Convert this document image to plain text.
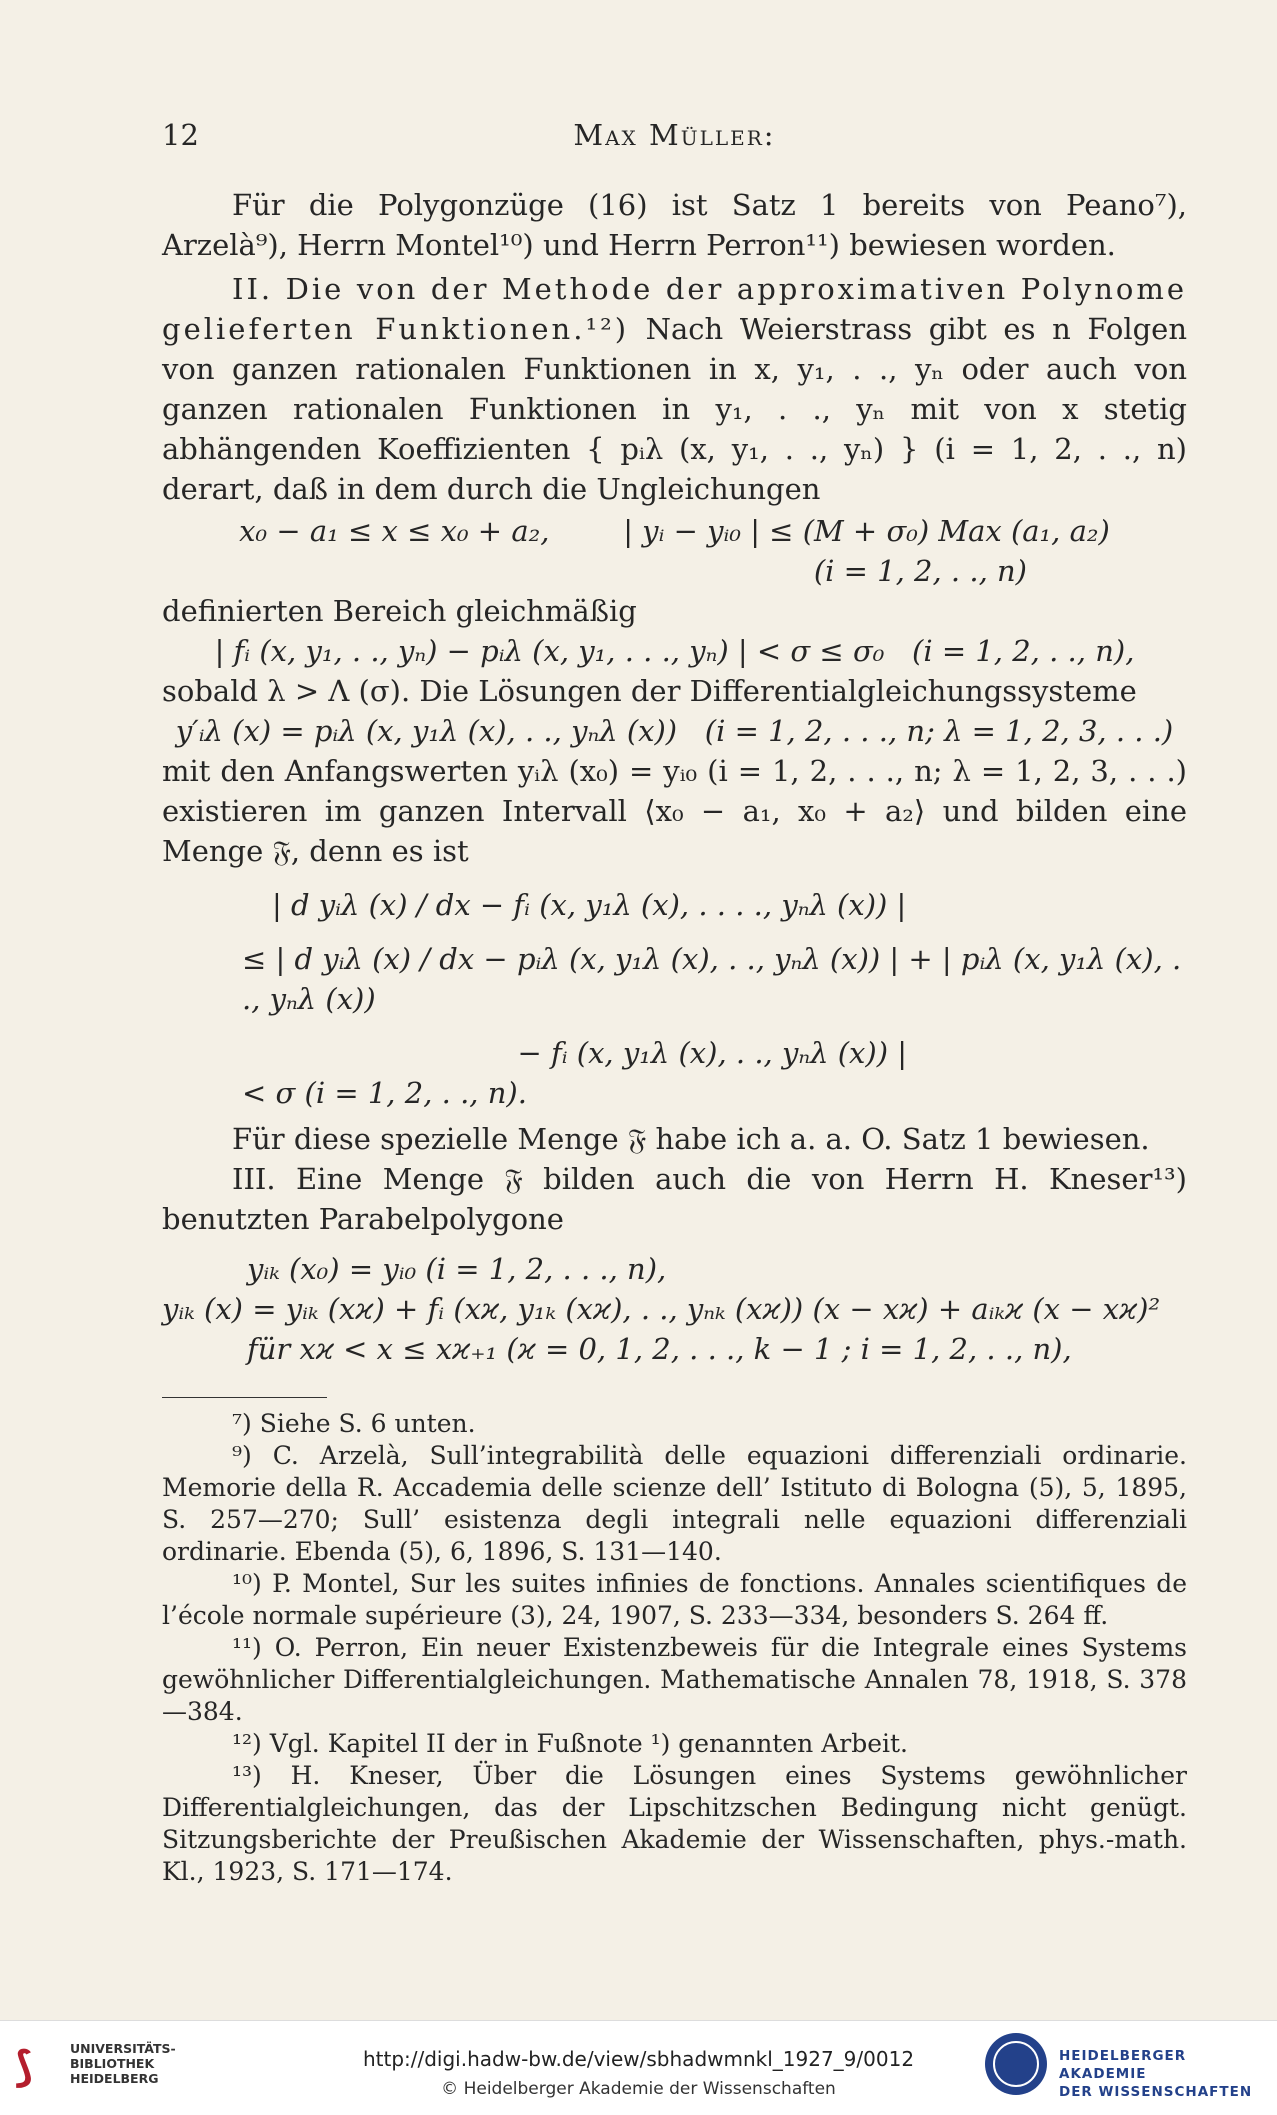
12	Max Müller:

Für die Polygonzüge (16) ist Satz 1 bereits von Peano⁷), Arzelà⁹), Herrn Montel¹⁰) und Herrn Perron¹¹) bewiesen worden.

II. Die von der Methode der approximativen Polynome gelieferten Funktionen.¹²) Nach Weierstrass gibt es n Folgen von ganzen rationalen Funktionen in x, y₁, . ., yₙ oder auch von ganzen rationalen Funktionen in y₁, . ., yₙ mit von x stetig abhängenden Koeffizienten { pᵢλ (x, y₁, . ., yₙ) } (i = 1, 2, . ., n) derart, daß in dem durch die Ungleichungen

x₀ − a₁ ≤ x ≤ x₀ + a₂,        | yᵢ − yᵢ₀ | ≤ (M + σ₀) Max (a₁, a₂)

(i = 1, 2, . ., n)

definierten Bereich gleichmäßig

| fᵢ (x, y₁, . ., yₙ) − pᵢλ (x, y₁, . . ., yₙ) | < σ ≤ σ₀   (i = 1, 2, . ., n),

sobald λ > Λ (σ). Die Lösungen der Differentialgleichungssysteme

y′ᵢλ (x) = pᵢλ (x, y₁λ (x), . ., yₙλ (x))   (i = 1, 2, . . ., n; λ = 1, 2, 3, . . .)

mit den Anfangswerten yᵢλ (x₀) = yᵢ₀ (i = 1, 2, . . ., n; λ = 1, 2, 3, . . .) existieren im ganzen Intervall ⟨x₀ − a₁, x₀ + a₂⟩ und bilden eine Menge 𝔉, denn es ist

| d yᵢλ (x) / dx − fᵢ (x, y₁λ (x), . . . ., yₙλ (x)) |

≤ | d yᵢλ (x) / dx − pᵢλ (x, y₁λ (x), . ., yₙλ (x)) | + | pᵢλ (x, y₁λ (x), . ., yₙλ (x))

− fᵢ (x, y₁λ (x), . ., yₙλ (x)) |

< σ (i = 1, 2, . ., n).

Für diese spezielle Menge 𝔉 habe ich a. a. O. Satz 1 bewiesen.

III. Eine Menge 𝔉 bilden auch die von Herrn H. Kneser¹³) benutzten Parabelpolygone

yᵢₖ (x₀) = yᵢ₀ (i = 1, 2, . . ., n),

yᵢₖ (x) = yᵢₖ (xϰ) + fᵢ (xϰ, y₁ₖ (xϰ), . ., yₙₖ (xϰ)) (x − xϰ) + aᵢₖϰ (x − xϰ)²

für xϰ < x ≤ xϰ₊₁ (ϰ = 0, 1, 2, . . ., k − 1 ; i = 1, 2, . ., n),

⁷) Siehe S. 6 unten.

⁹) C. Arzelà, Sull’integrabilità delle equazioni differenziali ordinarie. Memorie della R. Accademia delle scienze dell’ Istituto di Bologna (5), 5, 1895, S. 257—270; Sull’ esistenza degli integrali nelle equazioni differenziali ordinarie. Ebenda (5), 6, 1896, S. 131—140.

¹⁰) P. Montel, Sur les suites infinies de fonctions. Annales scientifiques de l’école normale supérieure (3), 24, 1907, S. 233—334, besonders S. 264 ff.

¹¹) O. Perron, Ein neuer Existenzbeweis für die Integrale eines Systems gewöhnlicher Differentialgleichungen. Mathematische Annalen 78, 1918, S. 378—384.

¹²) Vgl. Kapitel II der in Fußnote ¹) genannten Arbeit.

¹³) H. Kneser, Über die Lösungen eines Systems gewöhnlicher Differentialgleichungen, das der Lipschitzschen Bedingung nicht genügt. Sitzungsberichte der Preußischen Akademie der Wissenschaften, phys.-math. Kl., 1923, S. 171—174.

⟆	UNIVERSITÄTS-
BIBLIOTHEK
HEIDELBERG
http://digi.hadw-bw.de/view/sbhadwmnkl_1927_9/0012
© Heidelberger Akademie der Wissenschaften
HEIDELBERGER AKADEMIE
DER WISSENSCHAFTEN
